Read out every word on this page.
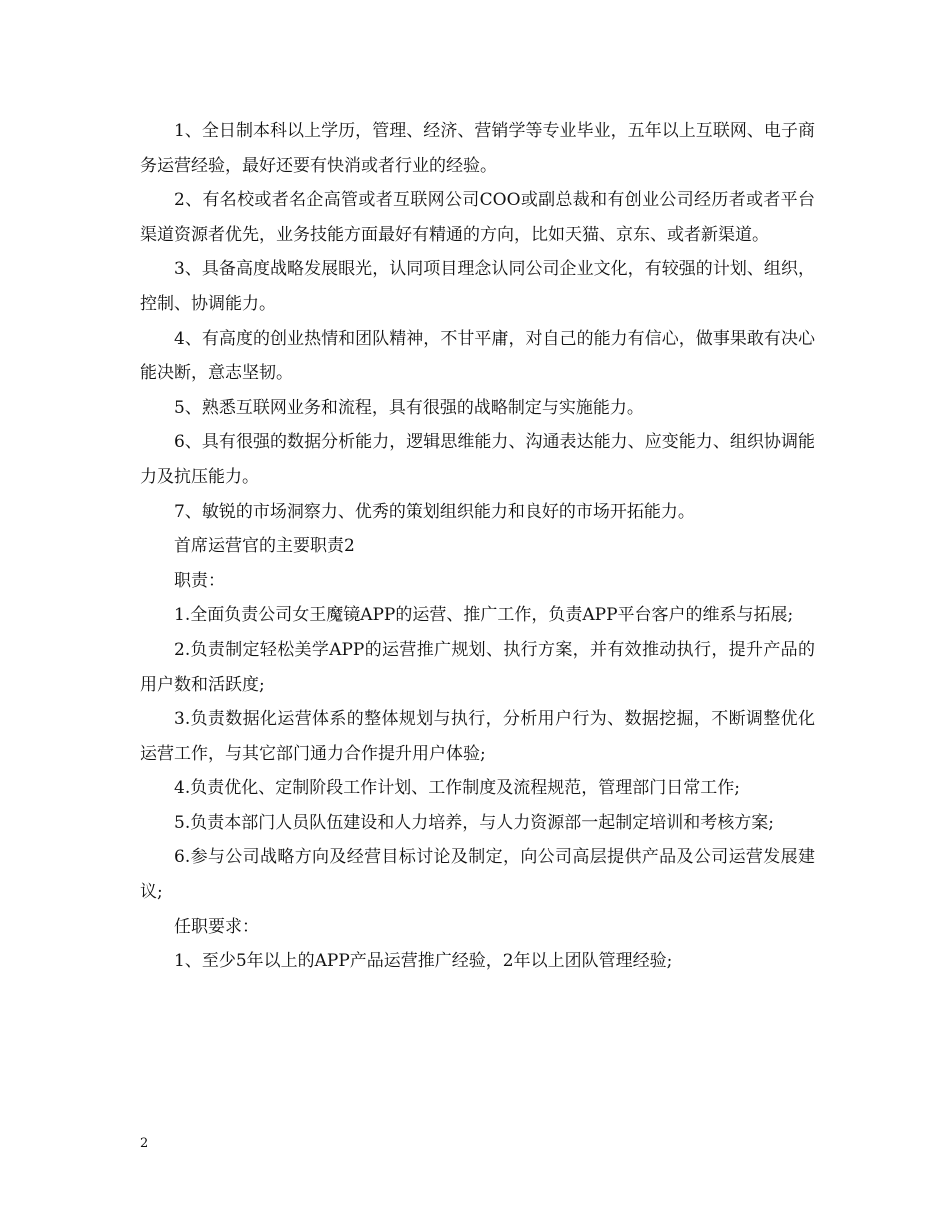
1、全日制本科以上学历，管理、经济、营销学等专业毕业，五年以上互联网、电子商务运营经验，最好还要有快消或者行业的经验。

2、有名校或者名企高管或者互联网公司COO或副总裁和有创业公司经历者或者平台渠道资源者优先，业务技能方面最好有精通的方向，比如天猫、京东、或者新渠道。

3、具备高度战略发展眼光，认同项目理念认同公司企业文化，有较强的计划、组织，控制、协调能力。

4、有高度的创业热情和团队精神，不甘平庸，对自己的能力有信心，做事果敢有决心能决断，意志坚韧。

5、熟悉互联网业务和流程，具有很强的战略制定与实施能力。

6、具有很强的数据分析能力，逻辑思维能力、沟通表达能力、应变能力、组织协调能力及抗压能力。

7、敏锐的市场洞察力、优秀的策划组织能力和良好的市场开拓能力。

首席运营官的主要职责2

职责：

1.全面负责公司女王魔镜APP的运营、推广工作，负责APP平台客户的维系与拓展;

2.负责制定轻松美学APP的运营推广规划、执行方案，并有效推动执行，提升产品的用户数和活跃度;

3.负责数据化运营体系的整体规划与执行，分析用户行为、数据挖掘，不断调整优化运营工作，与其它部门通力合作提升用户体验;

4.负责优化、定制阶段工作计划、工作制度及流程规范，管理部门日常工作;

5.负责本部门人员队伍建设和人力培养，与人力资源部一起制定培训和考核方案;

6.参与公司战略方向及经营目标讨论及制定，向公司高层提供产品及公司运营发展建议;

任职要求：

1、至少5年以上的APP产品运营推广经验，2年以上团队管理经验;

2
